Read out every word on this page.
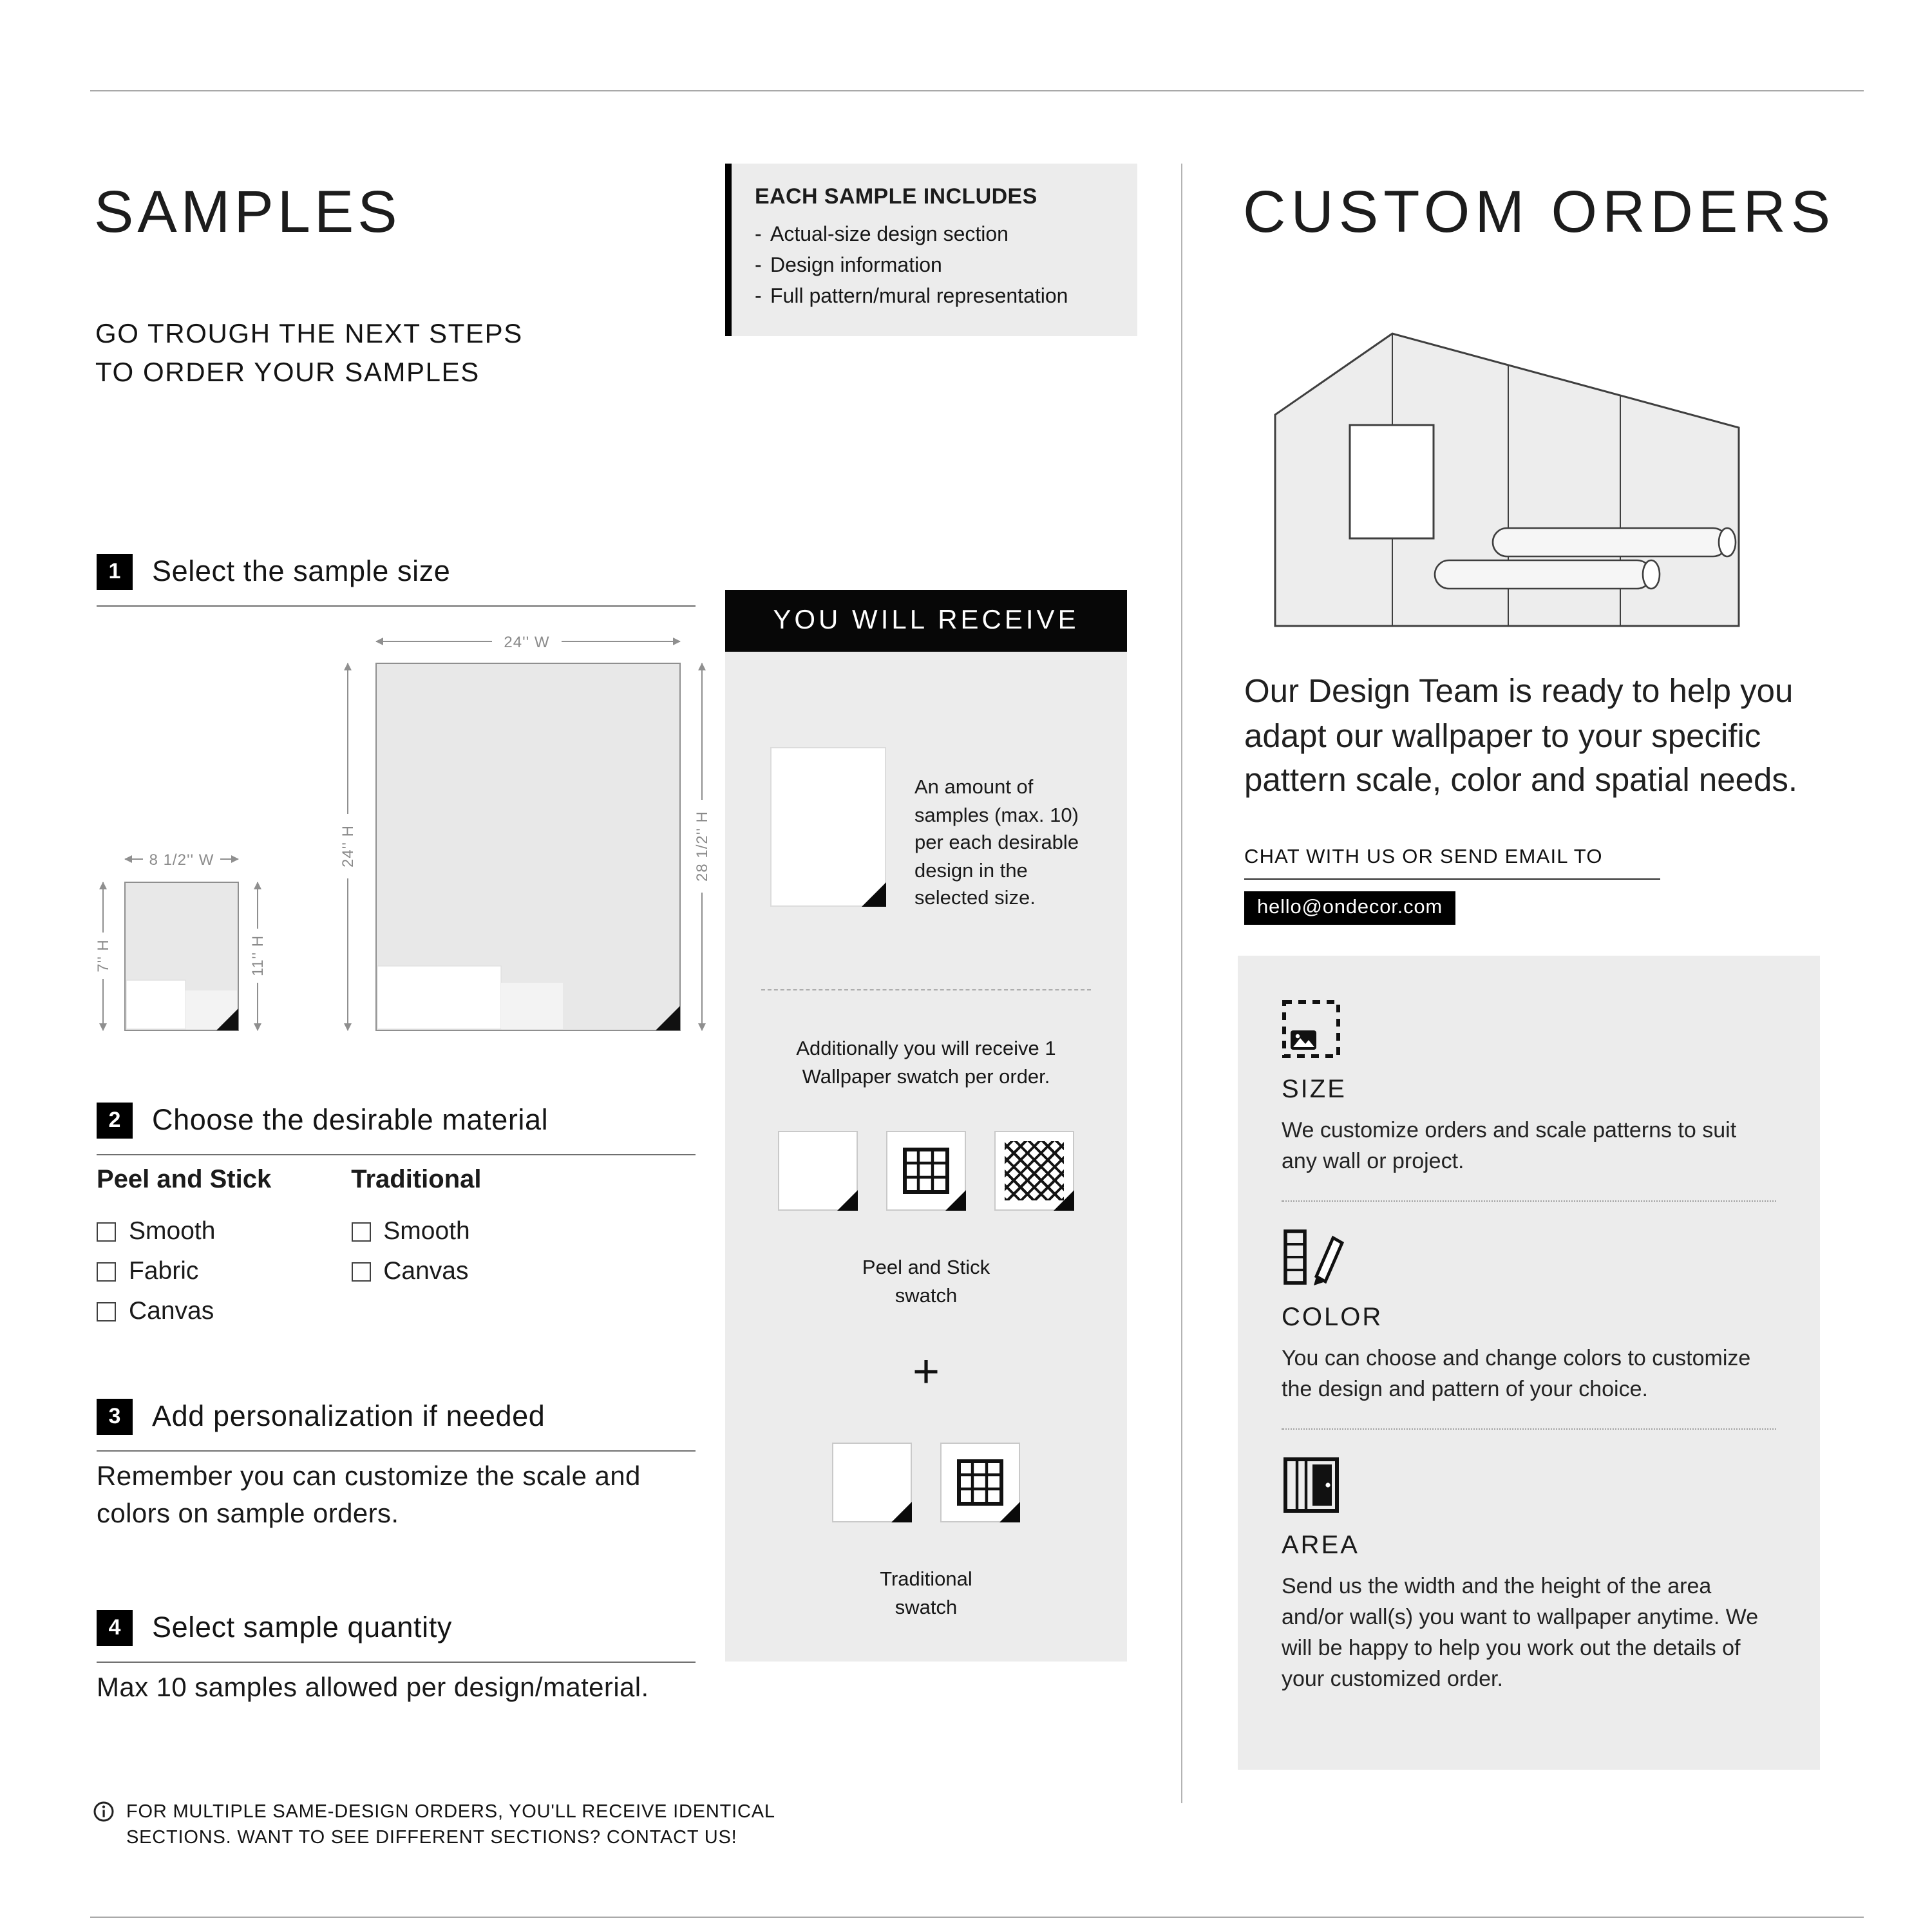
SAMPLES
GO TROUGH THE NEXT STEPS
TO ORDER YOUR SAMPLES
EACH SAMPLE INCLUDES
- Actual-size design section
- Design information
- Full pattern/mural representation
1	Select the sample size
24'' W
24'' H	28 1/2'' H
8 1/2'' W
7'' H	11'' H
2	Choose the desirable material
Peel and Stick
Smooth
Fabric
Canvas
Traditional
Smooth
Canvas
3	Add personalization if needed
Remember you can customize the scale and colors on sample orders.
4	Select sample quantity
Max 10 samples allowed per design/material.
FOR MULTIPLE SAME-DESIGN ORDERS, YOU'LL RECEIVE IDENTICAL SECTIONS. WANT TO SEE DIFFERENT SECTIONS? CONTACT US!
YOU WILL RECEIVE
An amount of samples (max. 10) per each desirable design in the selected size.
Additionally you will receive 1 Wallpaper swatch per order.
Peel and Stick swatch
+
Traditional swatch
CUSTOM ORDERS
Our Design Team is ready to help you adapt our wallpaper to your specific pattern scale, color and spatial needs.
CHAT WITH US OR SEND EMAIL TO
hello@ondecor.com
SIZE
We customize orders and scale patterns to suit any wall or project.
COLOR
You can choose and change colors to customize the design and pattern of your choice.
AREA
Send us the width and the height of the area and/or wall(s) you want to wallpaper anytime. We will be happy to help you work out the details of your customized order.
